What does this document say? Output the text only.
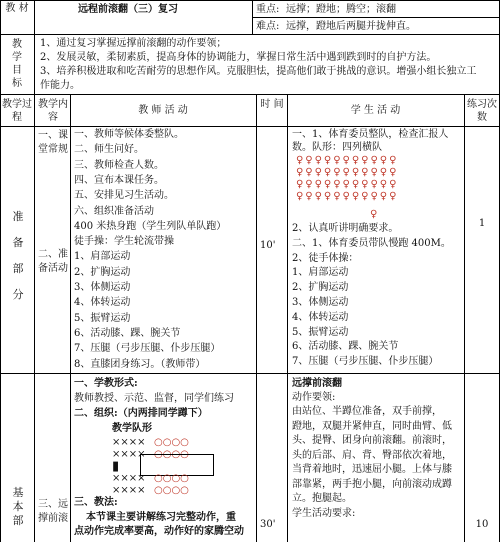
教 材	远程前滚翻（三）复习	重点: 远撑；蹬地；腾空；滚翻
难点: 远撑，蹬地后两腿并拢伸直。
教 学 目 标
1、通过复习掌握远撑前滚翻的动作要领；
2、发展灵敏，柔韧素质，提高身体的协调能力，掌握日常生活中遇到跌到时的自护方法。
3、培养积极进取和吃苦耐劳的思想作风。克服胆怯，提高他们敢于挑战的意识。增强小组长独立工
作能力。
教学过程
教学内容
教 师 活 动
时 间
学 生 活 动
练习次数
准 备 部 分
一、课堂常规
二、准备活动
一、教师等候体委整队。
二、师生问好。
三、教师检查人数。
四、宣布本课任务。
五、安排见习生活动。
六、组织准备活动
400 米热身跑（学生列队单队跑）
徒手操：学生轮流带操
1、肩部运动
2、扩胸运动
3、体侧运动
4、体转运动
5、振臂运动
6、活动膝、踝、腕关节
7、压腿（弓步压腿、仆步压腿）
8、直膝团身练习。（教师带）
10'
一、1、体育委员整队，检查汇报人
数。队形：四列横队
♀♀♀♀♀♀♀♀♀♀♀
♀♀♀♀♀♀♀♀♀♀♀
♀♀♀♀♀♀♀♀♀♀♀
♀♀♀♀♀♀♀♀♀♀♀
♀
2、认真听讲明确要求。
二、1、体育委员带队慢跑 400M。
2、徒手体操：
1、肩部运动
2、扩胸运动
3、体侧运动
4、体转运动
5、振臂运动
6、活动膝、踝、腕关节
7、压腿（弓步压腿、仆步压腿）
1
基 本 部
三、远撑前滚
一、学教形式:
教师教授、示范、监督，同学们练习
二、组织:（内两排同学蹲下）
教学队形
×××× ○○○○
×××× ○○○○
▮
×××× ○○○○
×××× ○○○○
三、教法:
本节课主要讲解练习完整动作，重
点动作完成率要高，动作好的家腾空动
30'
远撑前滚翻
动作要领:
由站位、半蹲位准备，双手前撑，
蹬地，双腿并紧伸直，同时曲臂、低
头、提臀、团身向前滚翻。前滚时，
头的后部、肩、背、臀部依次着地，
当背着地时，迅速屈小腿。上体与膝
部靠紧，两手抱小腿，向前滚动成蹲
立。抱腿起。
学生活动要求:
10
